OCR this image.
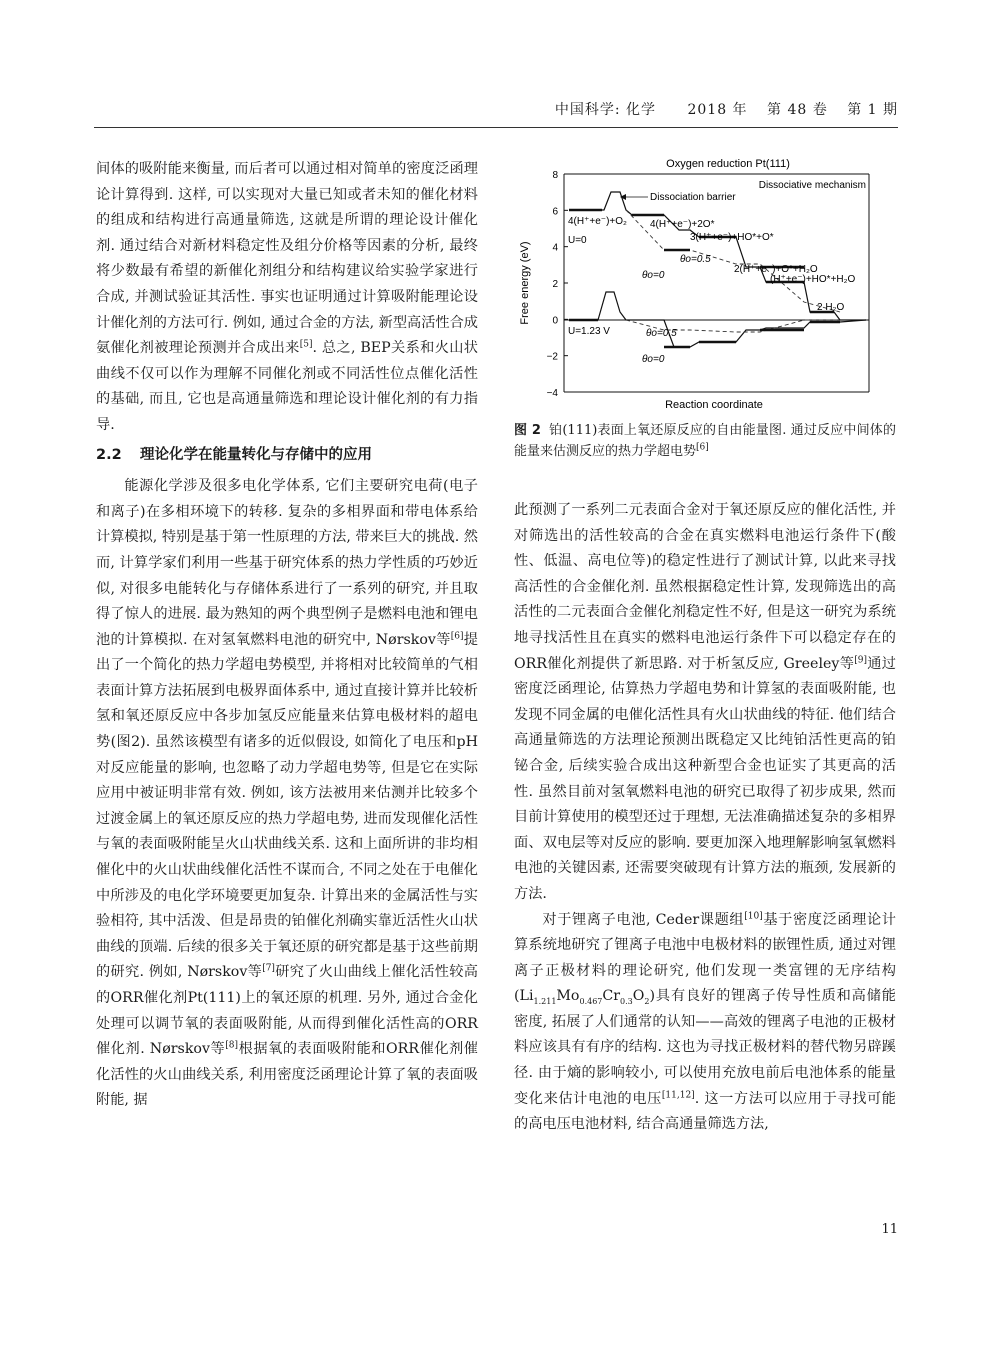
中国科学: 化学 2018 年 第 48 卷 第 1 期

间体的吸附能来衡量, 而后者可以通过相对简单的密度泛函理论计算得到. 这样, 可以实现对大量已知或者未知的催化材料的组成和结构进行高通量筛选, 这就是所谓的理论设计催化剂. 通过结合对新材料稳定性及组分价格等因素的分析, 最终将少数最有希望的新催化剂组分和结构建议给实验学家进行合成, 并测试验证其活性. 事实也证明通过计算吸附能理论设计催化剂的方法可行. 例如, 通过合金的方法, 新型高活性合成氨催化剂被理论预测并合成出来[5]. 总之, BEP关系和火山状曲线不仅可以作为理解不同催化剂或不同活性位点催化活性的基础, 而且, 它也是高通量筛选和理论设计催化剂的有力指导.

2.2 理论化学在能量转化与存储中的应用

能源化学涉及很多电化学体系, 它们主要研究电荷(电子和离子)在多相环境下的转移. 复杂的多相界面和带电体系给计算模拟, 特别是基于第一性原理的方法, 带来巨大的挑战. 然而, 计算学家们利用一些基于研究体系的热力学性质的巧妙近似, 对很多电能转化与存储体系进行了一系列的研究, 并且取得了惊人的进展. 最为熟知的两个典型例子是燃料电池和锂电池的计算模拟. 在对氢氧燃料电池的研究中, Nørskov等[6]提出了一个简化的热力学超电势模型, 并将相对比较简单的气相表面计算方法拓展到电极界面体系中, 通过直接计算并比较析氢和氧还原反应中各步加氢反应能量来估算电极材料的超电势(图2). 虽然该模型有诸多的近似假设, 如简化了电压和pH对反应能量的影响, 也忽略了动力学超电势等, 但是它在实际应用中被证明非常有效. 例如, 该方法被用来估测并比较多个过渡金属上的氧还原反应的热力学超电势, 进而发现催化活性与氧的表面吸附能呈火山状曲线关系. 这和上面所讲的非均相催化中的火山状曲线催化活性不谋而合, 不同之处在于电催化中所涉及的电化学环境要更加复杂. 计算出来的金属活性与实验相符, 其中活泼、但是昂贵的铂催化剂确实靠近活性火山状曲线的顶端. 后续的很多关于氧还原的研究都是基于这些前期的研究. 例如, Nørskov等[7]研究了火山曲线上催化活性较高的ORR催化剂Pt(111)上的氧还原的机理. 另外, 通过合金化处理可以调节氧的表面吸附能, 从而得到催化活性高的ORR催化剂. Nørskov等[8]根据氧的表面吸附能和ORR催化剂催化活性的火山曲线关系, 利用密度泛函理论计算了氧的表面吸附能, 据

8
6
4
2
0
−2
−4
Oxygen reduction Pt(111)
Reaction coordinate
Free energy (eV)
Dissociative mechanism
Dissociation barrier
4(H⁺+e⁻)+O₂ 4(H⁺+e⁻)+2O*
3(H⁺+e⁻)+HO*+O*
2(H⁺+e⁻)+O*+H₂O
(H⁺+e⁻)+HO*+H₂O
2 H₂O
U=0
U=1.23 V
θo=0.5
θo=0
θo=0.5
θo=0
图 2 铂(111)表面上氧还原反应的自由能量图. 通过反应中间体的能量来估测反应的热力学超电势[6]

此预测了一系列二元表面合金对于氧还原反应的催化活性, 并对筛选出的活性较高的合金在真实燃料电池运行条件下(酸性、低温、高电位等)的稳定性进行了测试计算, 以此来寻找高活性的合金催化剂. 虽然根据稳定性计算, 发现筛选出的高活性的二元表面合金催化剂稳定性不好, 但是这一研究为系统地寻找活性且在真实的燃料电池运行条件下可以稳定存在的ORR催化剂提供了新思路. 对于析氢反应, Greeley等[9]通过密度泛函理论, 估算热力学超电势和计算氢的表面吸附能, 也发现不同金属的电催化活性具有火山状曲线的特征. 他们结合高通量筛选的方法理论预测出既稳定又比纯铂活性更高的铂铋合金, 后续实验合成出这种新型合金也证实了其更高的活性. 虽然目前对氢氧燃料电池的研究已取得了初步成果, 然而目前计算使用的模型还过于理想, 无法准确描述复杂的多相界面、双电层等对反应的影响. 要更加深入地理解影响氢氧燃料电池的关键因素, 还需要突破现有计算方法的瓶颈, 发展新的方法.

对于锂离子电池, Ceder课题组[10]基于密度泛函理论计算系统地研究了锂离子电池中电极材料的嵌锂性质, 通过对锂离子正极材料的理论研究, 他们发现一类富锂的无序结构$(Li_{1.211}Mo_{0.467}Cr_{0.3}O_2)$具有良好的锂离子传导性质和高储能密度, 拓展了人们通常的认知——高效的锂离子电池的正极材料应该具有有序的结构. 这也为寻找正极材料的替代物另辟蹊径. 由于熵的影响较小, 可以使用充放电前后电池体系的能量变化来估计电池的电压[11,12]. 这一方法可以应用于寻找可能的高电压电池材料, 结合高通量筛选方法,

11
